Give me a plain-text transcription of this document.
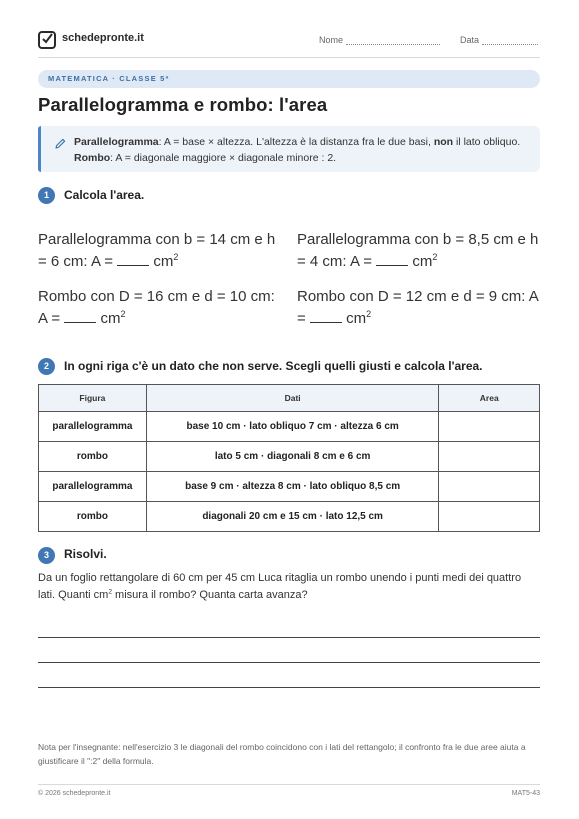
schedepronte.it	Nome	Data
MATEMATICA · CLASSE 5ª
Parallelogramma e rombo: l'area
Parallelogramma: A = base × altezza. L'altezza è la distanza fra le due basi, non il lato obliquo. Rombo: A = diagonale maggiore × diagonale minore : 2.
1	Calcola l'area.
Parallelogramma con b = 14 cm e h = 6 cm: $A = cm^2$
Parallelogramma con b = 8,5 cm e h = 4 cm: $A = cm^2$
Rombo con D = 16 cm e d = 10 cm: $A = cm^2$
Rombo con D = 12 cm e d = 9 cm: $A = cm^2$
2	In ogni riga c'è un dato che non serve. Scegli quelli giusti e calcola l'area.
Figura	Dati	Area
parallelogramma	base 10 cm · lato obliquo 7 cm · altezza 6 cm	
rombo	lato 5 cm · diagonali 8 cm e 6 cm	
parallelogramma	base 9 cm · altezza 8 cm · lato obliquo 8,5 cm	
rombo	diagonali 20 cm e 15 cm · lato 12,5 cm	
3	Risolvi.
Da un foglio rettangolare di 60 cm per 45 cm Luca ritaglia un rombo unendo i punti medi dei quattro lati. Quanti $cm^2$ misura il rombo? Quanta carta avanza?
Nota per l'insegnante: nell'esercizio 3 le diagonali del rombo coincidono con i lati del rettangolo; il confronto fra le due aree aiuta a giustificare il ":2" della formula.
© 2026 schedepronte.it	MAT5-43
